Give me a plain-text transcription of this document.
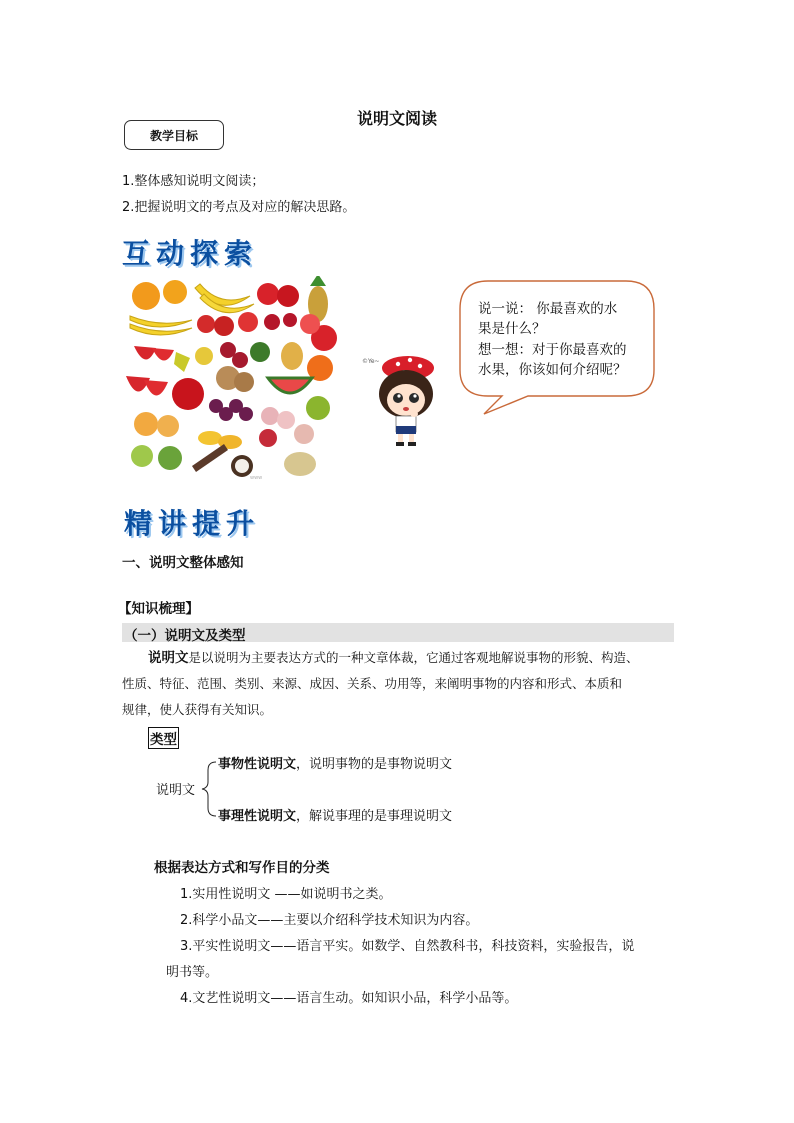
说明文阅读
教学目标
1.整体感知说明文阅读；
2.把握说明文的考点及对应的解决思路。
互动探索
www
©Ye~
说一说： 你最喜欢的水
果是什么？
想一想：对于你最喜欢的
水果，你该如何介绍呢？
精讲提升
一、说明文整体感知
【知识梳理】
（一）说明文及类型
说明文是以说明为主要表达方式的一种文章体裁，它通过客观地解说事物的形貌、构造、
性质、特征、范围、类别、来源、成因、关系、功用等，来阐明事物的内容和形式、本质和
规律，使人获得有关知识。
类型
说明文
事物性说明文，说明事物的是事物说明文
事理性说明文，解说事理的是事理说明文
根据表达方式和写作目的分类
1.实用性说明文 ——如说明书之类。
2.科学小品文——主要以介绍科学技术知识为内容。
3.平实性说明文——语言平实。如数学、自然教科书，科技资料，实验报告，说
明书等。
4.文艺性说明文——语言生动。如知识小品，科学小品等。
